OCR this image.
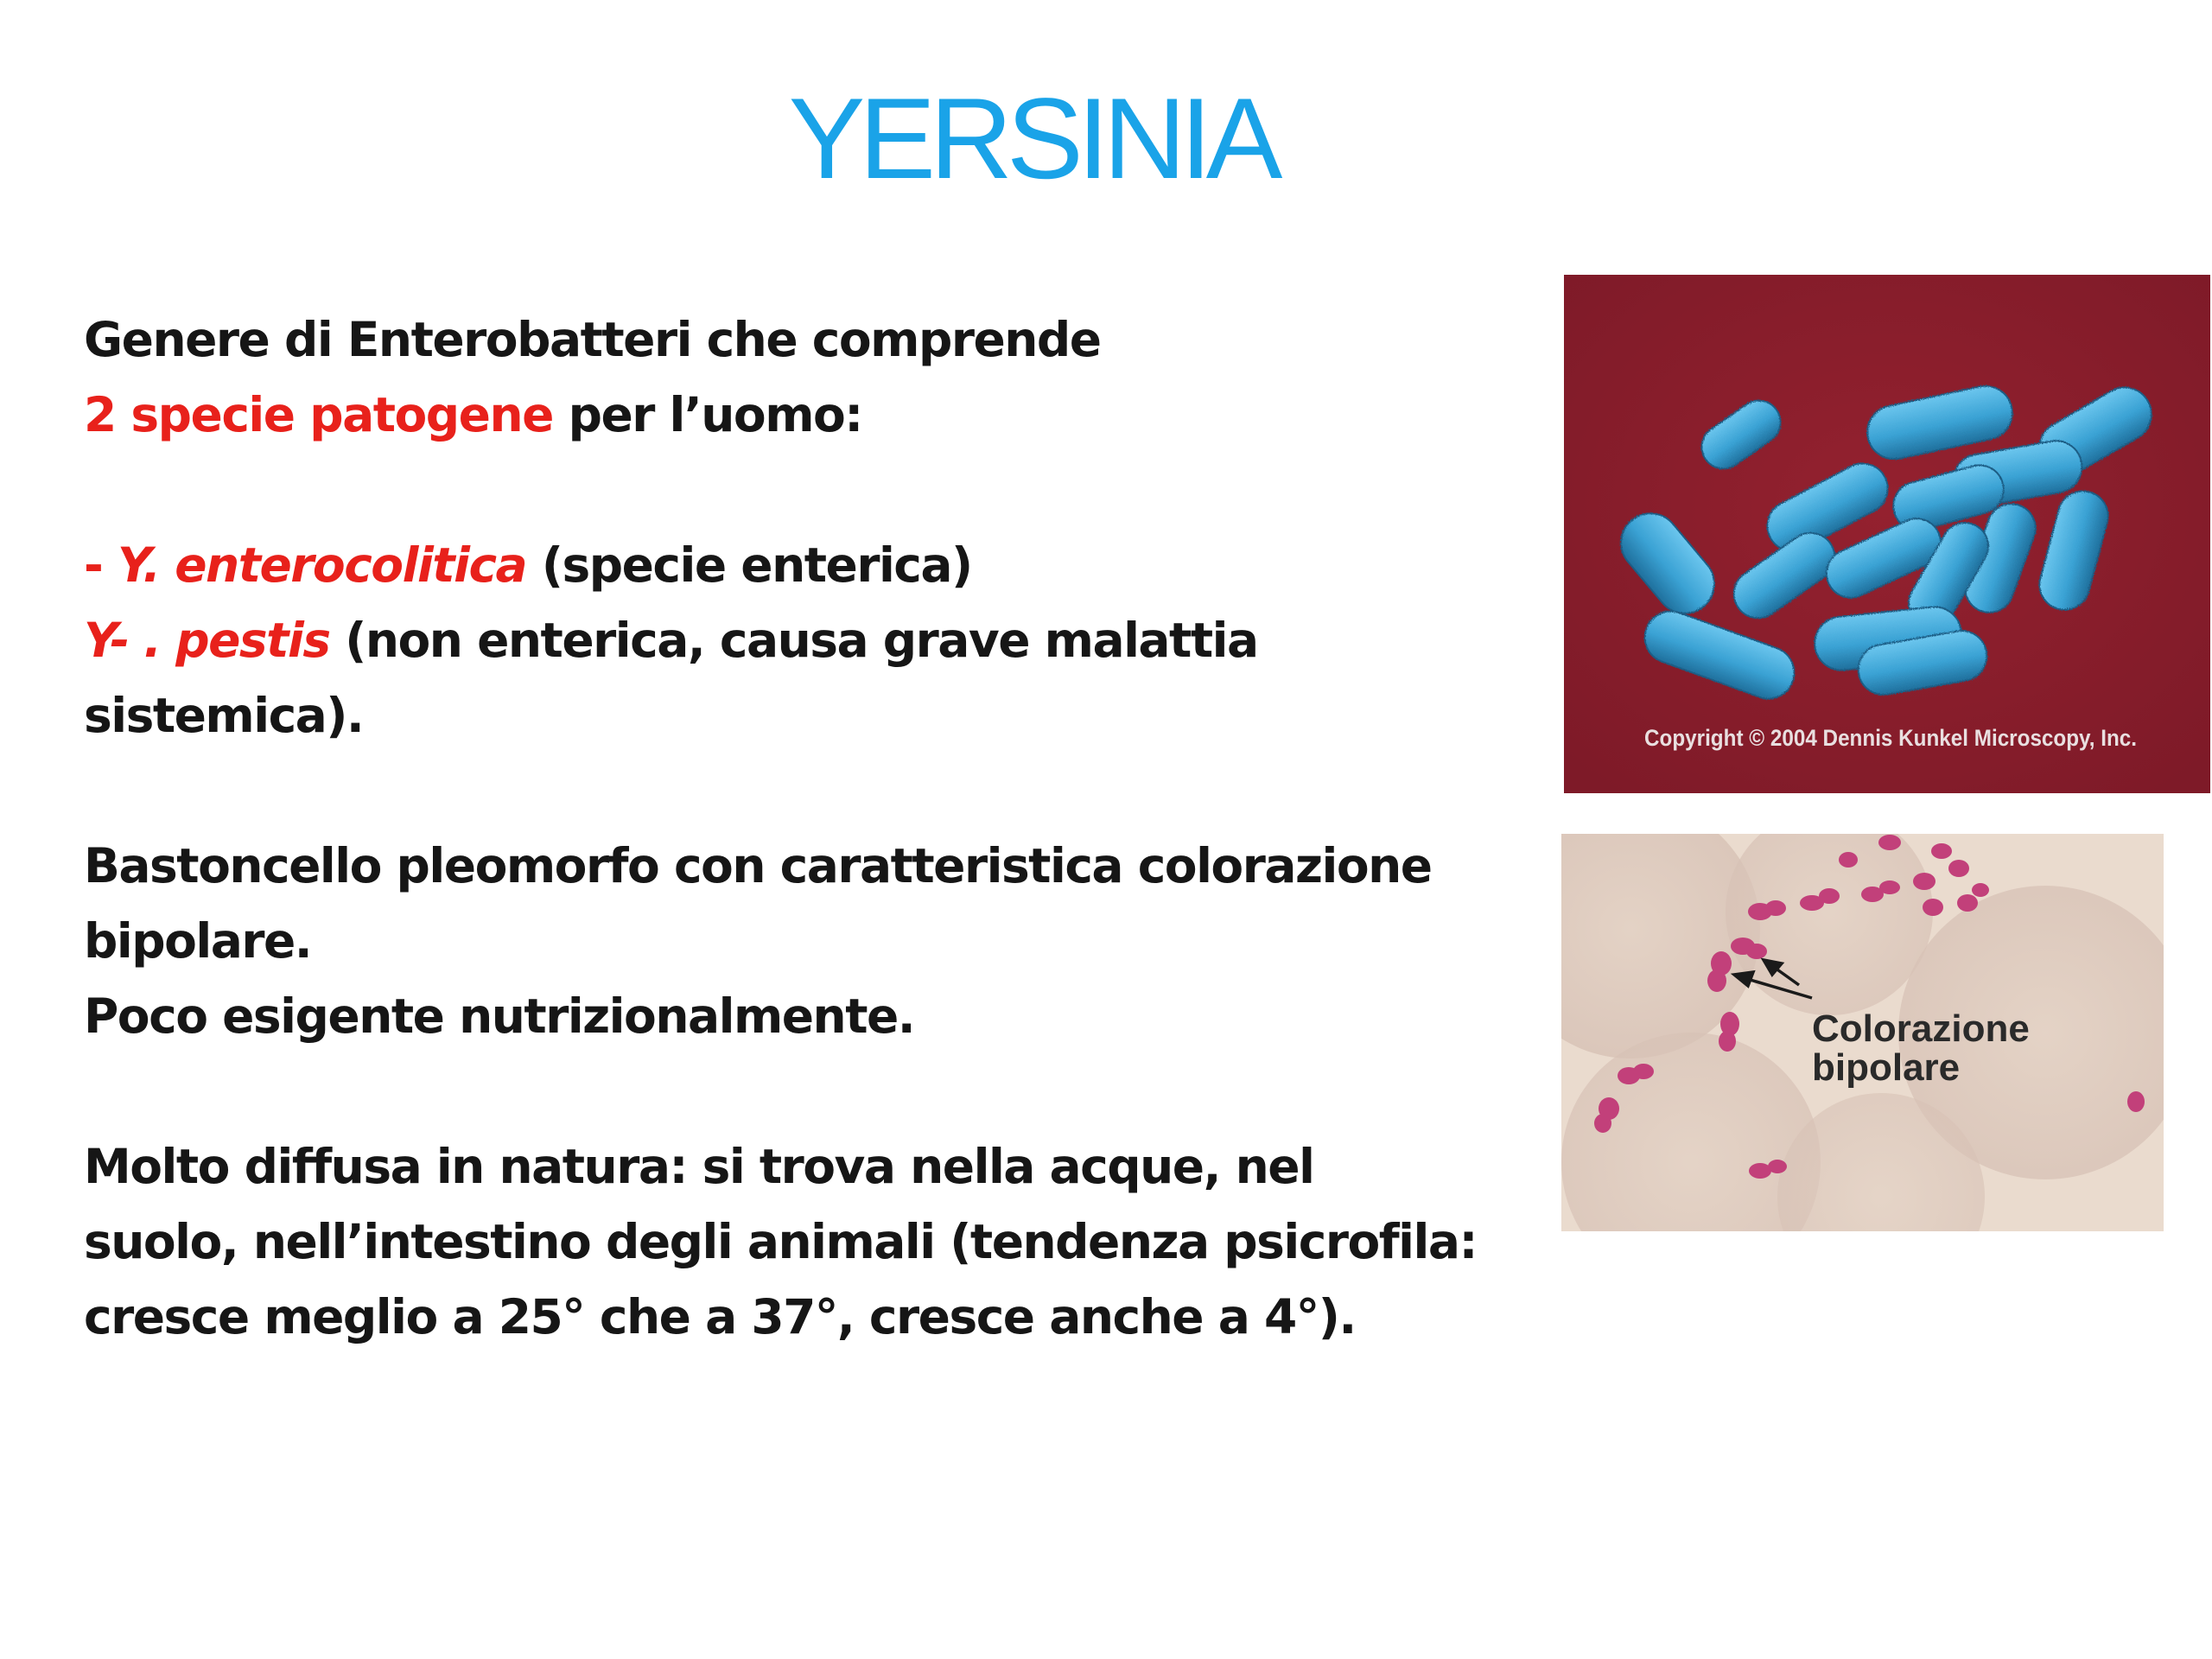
YERSINIA
Genere di Enterobatteri che comprende
2 specie patogene per l’uomo:
- Y. enterocolitica (specie enterica)
Y- . pestis (non enterica, causa grave malattia
sistemica).
Bastoncello pleomorfo con caratteristica colorazione
bipolare.
Poco esigente nutrizionalmente.
Molto diffusa in natura: si trova nella acque, nel
suolo, nell’intestino degli animali (tendenza psicrofila:
cresce meglio a 25° che a 37°, cresce anche a 4°).
Copyright © 2004 Dennis Kunkel Microscopy, Inc.
Colorazione
bipolare
